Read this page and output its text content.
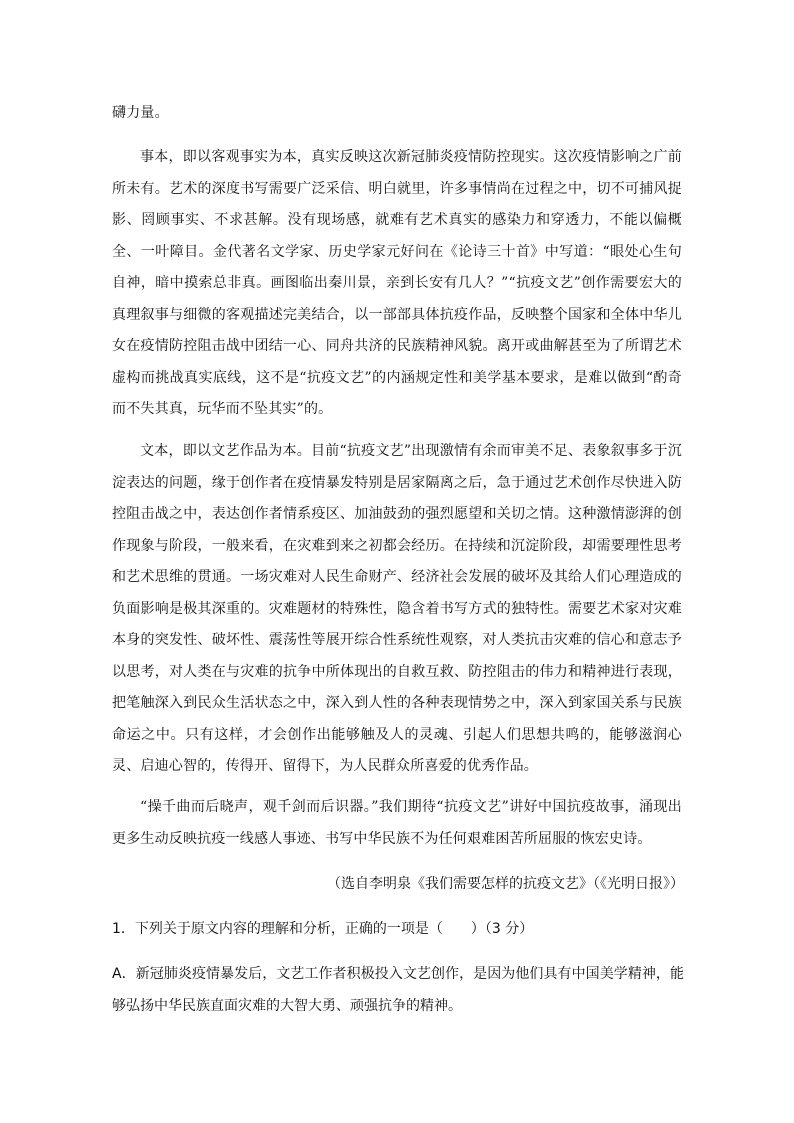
礴力量。

事本，即以客观事实为本，真实反映这次新冠肺炎疫情防控现实。这次疫情影响之广前所未有。艺术的深度书写需要广泛采信、明白就里，许多事情尚在过程之中，切不可捕风捉影、罔顾事实、不求甚解。没有现场感，就难有艺术真实的感染力和穿透力，不能以偏概全、一叶障目。金代著名文学家、历史学家元好问在《论诗三十首》中写道：“眼处心生句自神，暗中摸索总非真。画图临出秦川景，亲到长安有几人？”“抗疫文艺”创作需要宏大的真理叙事与细微的客观描述完美结合，以一部部具体抗疫作品，反映整个国家和全体中华儿女在疫情防控阻击战中团结一心、同舟共济的民族精神风貌。离开或曲解甚至为了所谓艺术虚构而挑战真实底线，这不是“抗疫文艺”的内涵规定性和美学基本要求，是难以做到“酌奇而不失其真，玩华而不坠其实”的。

文本，即以文艺作品为本。目前“抗疫文艺”出现激情有余而审美不足、表象叙事多于沉淀表达的问题，缘于创作者在疫情暴发特别是居家隔离之后，急于通过艺术创作尽快进入防控阻击战之中，表达创作者情系疫区、加油鼓劲的强烈愿望和关切之情。这种激情澎湃的创作现象与阶段，一般来看，在灾难到来之初都会经历。在持续和沉淀阶段，却需要理性思考和艺术思维的贯通。一场灾难对人民生命财产、经济社会发展的破坏及其给人们心理造成的负面影响是极其深重的。灾难题材的特殊性，隐含着书写方式的独特性。需要艺术家对灾难本身的突发性、破坏性、震荡性等展开综合性系统性观察，对人类抗击灾难的信心和意志予以思考，对人类在与灾难的抗争中所体现出的自救互救、防控阻击的伟力和精神进行表现，把笔触深入到民众生活状态之中，深入到人性的各种表现情势之中，深入到家国关系与民族命运之中。只有这样，才会创作出能够触及人的灵魂、引起人们思想共鸣的，能够滋润心灵、启迪心智的，传得开、留得下，为人民群众所喜爱的优秀作品。

“操千曲而后晓声，观千剑而后识器。”我们期待“抗疫文艺”讲好中国抗疫故事，涌现出更多生动反映抗疫一线感人事迹、书写中华民族不为任何艰难困苦所屈服的恢宏史诗。

（选自李明泉《我们需要怎样的抗疫文艺》（《光明日报》）

1．下列关于原文内容的理解和分析，正确的一项是（　　）（3 分）

A．新冠肺炎疫情暴发后，文艺工作者积极投入文艺创作，是因为他们具有中国美学精神，能够弘扬中华民族直面灾难的大智大勇、顽强抗争的精神。
